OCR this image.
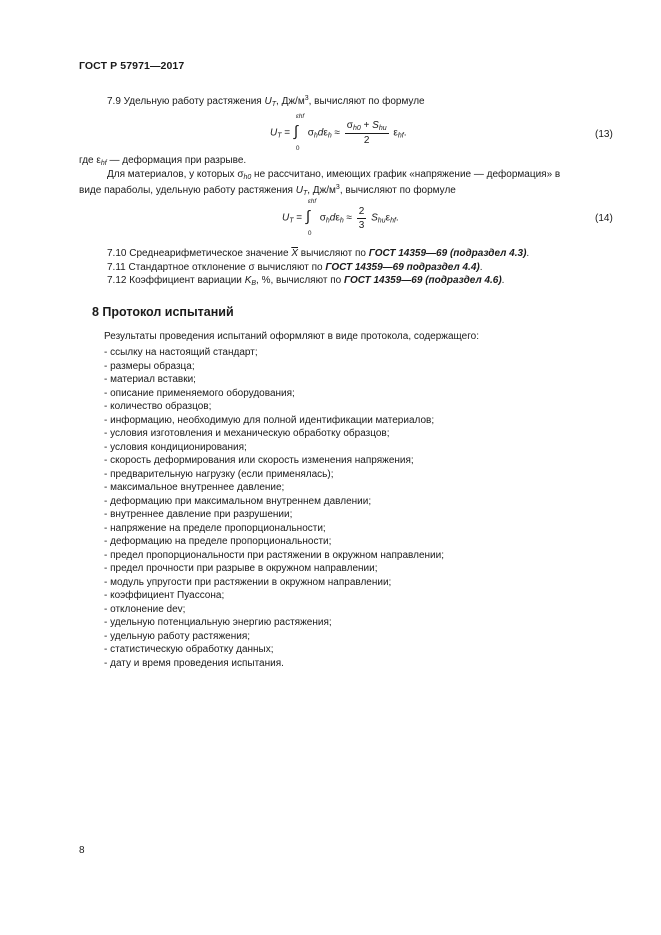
ГОСТ Р 57971—2017
7.9 Удельную работу растяжения $U_T$, $Дж/м^3$, вычисляют по формуле
$U_T$ =
εhf
∫
0
$\sigma_hd\varepsilon_h \approx \frac{\sigma_{h0} + S_{hu}}{2} \varepsilon_{hf}$.	(13)
где $\varepsilon_{hf}$ — деформация при разрыве.
Для материалов, у которых $\sigma_{h0}$ не рассчитано, имеющих график «напряжение — деформация» в
виде параболы, удельную работу растяжения $U_T$, $Дж/м^3$, вычисляют по формуле
$U_T$ =
εhf
∫
0
$\sigma_hd\varepsilon_h \approx \frac{2}{3} S_{hu}\varepsilon_{hf}$.	(14)
7.10 Среднеарифметическое значение $\overline{X}$ вычисляют по ГОСТ 14359—69 (подраздел 4.3).
7.11 Стандартное отклонение σ вычисляют по ГОСТ 14359—69 подраздел 4.4).
7.12 Коэффициент вариации $K_B$, %, вычисляют по ГОСТ 14359—69 (подраздел 4.6).
8 Протокол испытаний
Результаты проведения испытаний оформляют в виде протокола, содержащего:
- ссылку на настоящий стандарт;
- размеры образца;
- материал вставки;
- описание применяемого оборудования;
- количество образцов;
- информацию, необходимую для полной идентификации материалов;
- условия изготовления и механическую обработку образцов;
- условия кондиционирования;
- скорость деформирования или скорость изменения напряжения;
- предварительную нагрузку (если применялась);
- максимальное внутреннее давление;
- деформацию при максимальном внутреннем давлении;
- внутреннее давление при разрушении;
- напряжение на пределе пропорциональности;
- деформацию на пределе пропорциональности;
- предел пропорциональности при растяжении в окружном направлении;
- предел прочности при разрыве в окружном направлении;
- модуль упругости при растяжении в окружном направлении;
- коэффициент Пуассона;
- отклонение dev;
- удельную потенциальную энергию растяжения;
- удельную работу растяжения;
- статистическую обработку данных;
- дату и время проведения испытания.
8
